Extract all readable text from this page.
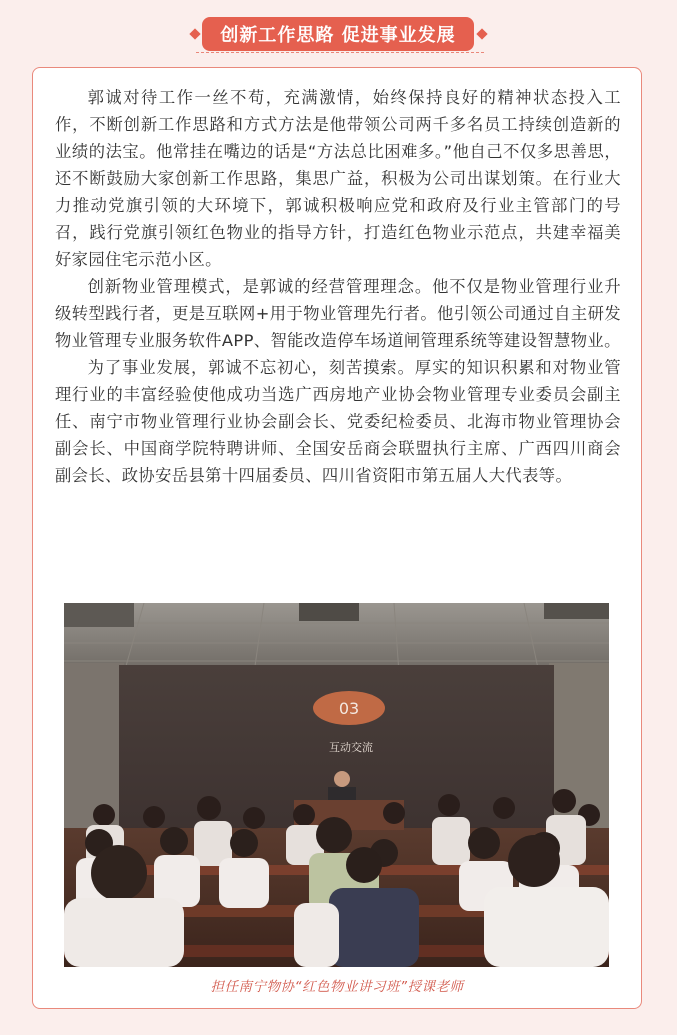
创新工作思路 促进事业发展

郭诚对待工作一丝不苟，充满激情，始终保持良好的精神状态投入工作，不断创新工作思路和方式方法是他带领公司两千多名员工持续创造新的业绩的法宝。他常挂在嘴边的话是“方法总比困难多。”他自己不仅多思善思，还不断鼓励大家创新工作思路，集思广益，积极为公司出谋划策。在行业大力推动党旗引领的大环境下，郭诚积极响应党和政府及行业主管部门的号召，践行党旗引领红色物业的指导方针，打造红色物业示范点，共建幸福美好家园住宅示范小区。

创新物业管理模式，是郭诚的经营管理理念。他不仅是物业管理行业升级转型践行者，更是互联网+用于物业管理先行者。他引领公司通过自主研发物业管理专业服务软件APP、智能改造停车场道闸管理系统等建设智慧物业。

为了事业发展，郭诚不忘初心，刻苦摸索。厚实的知识积累和对物业管理行业的丰富经验使他成功当选广西房地产业协会物业管理专业委员会副主任、南宁市物业管理行业协会副会长、党委纪检委员、北海市物业管理协会副会长、中国商学院特聘讲师、全国安岳商会联盟执行主席、广西四川商会副会长、政协安岳县第十四届委员、四川省资阳市第五届人大代表等。

03
互动交流
担任南宁物协“红色物业讲习班”授课老师
